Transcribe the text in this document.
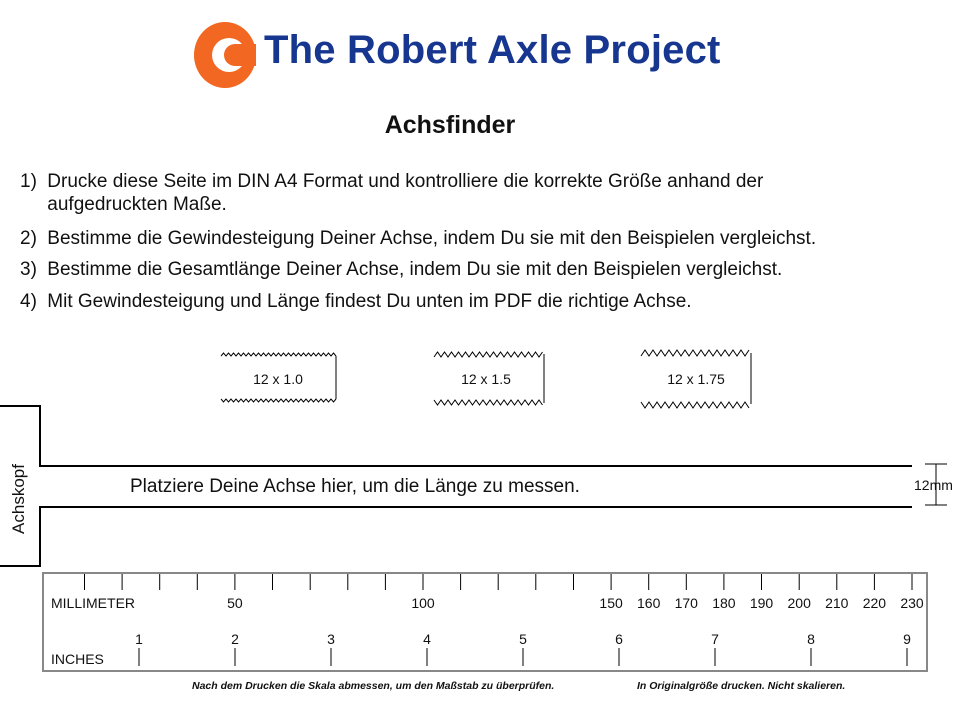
The Robert Axle Project
Achsfinder
1) Drucke diese Seite im DIN A4 Format und kontrolliere die korrekte Größe anhand der
aufgedruckten Maße.
2) Bestimme die Gewindesteigung Deiner Achse, indem Du sie mit den Beispielen vergleichst.
3) Bestimme die Gesamtlänge Deiner Achse, indem Du sie mit den Beispielen vergleichst.
4) Mit Gewindesteigung und Länge findest Du unten im PDF die richtige Achse.
12 x 1.0	12 x 1.5	12 x 1.75
Achskopf	Platziere Deine Achse hier, um die Länge zu messen.	12mm
MILLIMETER
INCHES
50	100	150	160	170	180	190	200	210	220	230
1	2	3	4	5	6	7	8	9
Nach dem Drucken die Skala abmessen, um den Maßstab zu überprüfen.	In Originalgröße drucken. Nicht skalieren.
